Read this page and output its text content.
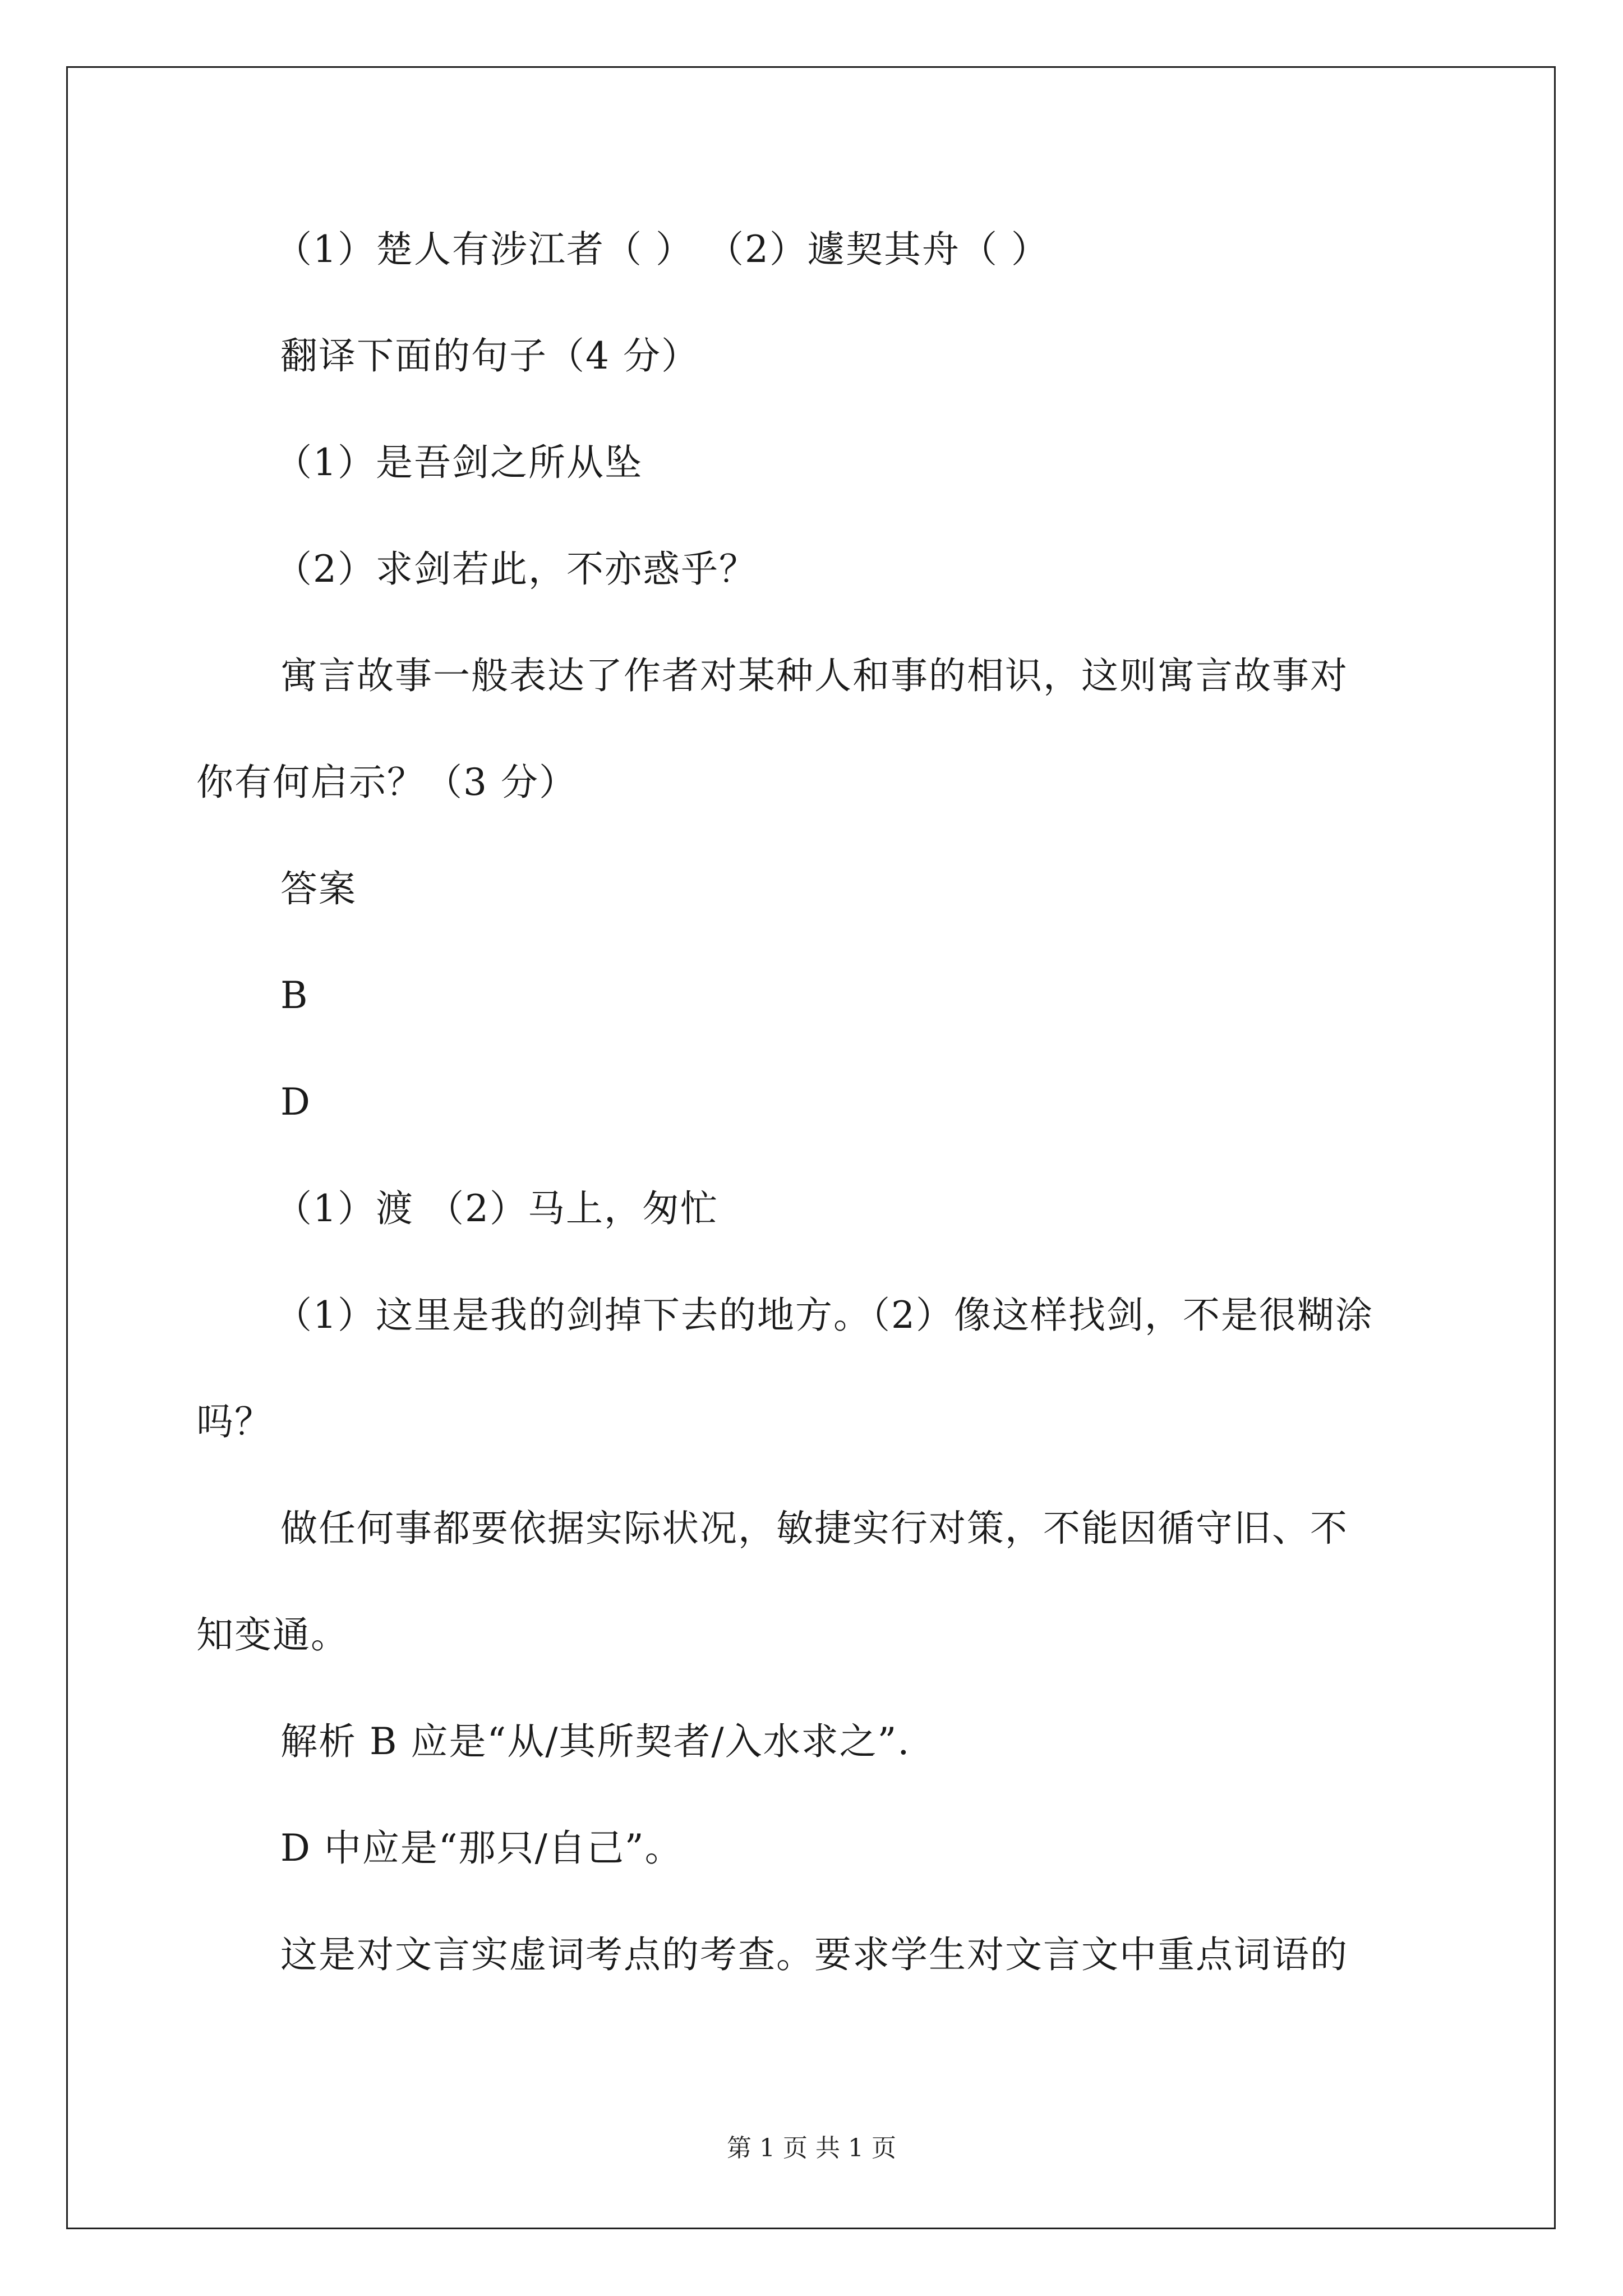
（1）楚人有涉江者（ ） （2）遽契其舟（ ）
翻译下面的句子（4 分）
（1）是吾剑之所从坠
（2）求剑若此，不亦惑乎？
寓言故事一般表达了作者对某种人和事的相识，这则寓言故事对
你有何启示？（3 分）
答案
B
D
（1）渡 （2）马上，匆忙
（1）这里是我的剑掉下去的地方。（2）像这样找剑，不是很糊涂
吗？
做任何事都要依据实际状况，敏捷实行对策，不能因循守旧、不
知变通。
解析 B 应是“从/其所契者/入水求之”.
D 中应是“那只/自己”。
这是对文言实虚词考点的考查。要求学生对文言文中重点词语的
第 1 页 共 1 页
